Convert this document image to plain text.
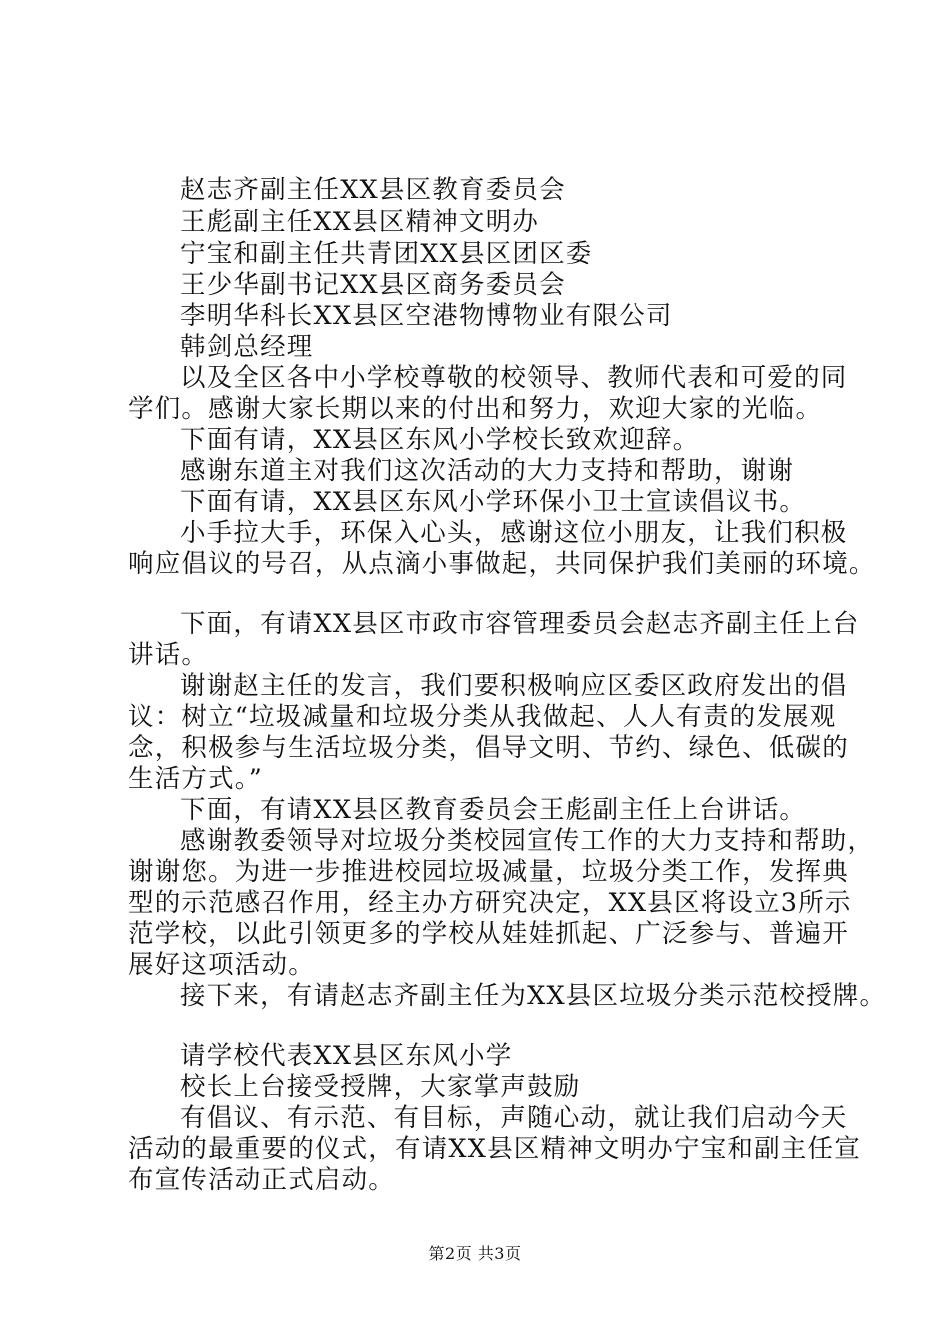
赵志齐副主任XX县区教育委员会
王彪副主任XX县区精神文明办
宁宝和副主任共青团XX县区团区委
王少华副书记XX县区商务委员会
李明华科长XX县区空港物博物业有限公司
韩剑总经理
以及全区各中小学校尊敬的校领导、教师代表和可爱的同
学们。感谢大家长期以来的付出和努力，欢迎大家的光临。
下面有请，XX县区东风小学校长致欢迎辞。
感谢东道主对我们这次活动的大力支持和帮助，谢谢
下面有请，XX县区东风小学环保小卫士宣读倡议书。
小手拉大手，环保入心头，感谢这位小朋友，让我们积极
响应倡议的号召，从点滴小事做起，共同保护我们美丽的环境。
下面，有请XX县区市政市容管理委员会赵志齐副主任上台
讲话。
谢谢赵主任的发言，我们要积极响应区委区政府发出的倡
议：树立“垃圾减量和垃圾分类从我做起、人人有责的发展观
念，积极参与生活垃圾分类，倡导文明、节约、绿色、低碳的
生活方式。”
下面，有请XX县区教育委员会王彪副主任上台讲话。
感谢教委领导对垃圾分类校园宣传工作的大力支持和帮助，
谢谢您。为进一步推进校园垃圾减量，垃圾分类工作，发挥典
型的示范感召作用，经主办方研究决定，XX县区将设立3所示
范学校，以此引领更多的学校从娃娃抓起、广泛参与、普遍开
展好这项活动。
接下来，有请赵志齐副主任为XX县区垃圾分类示范校授牌。
请学校代表XX县区东风小学
校长上台接受授牌，大家掌声鼓励
有倡议、有示范、有目标，声随心动，就让我们启动今天
活动的最重要的仪式，有请XX县区精神文明办宁宝和副主任宣
布宣传活动正式启动。
第2页 共3页
